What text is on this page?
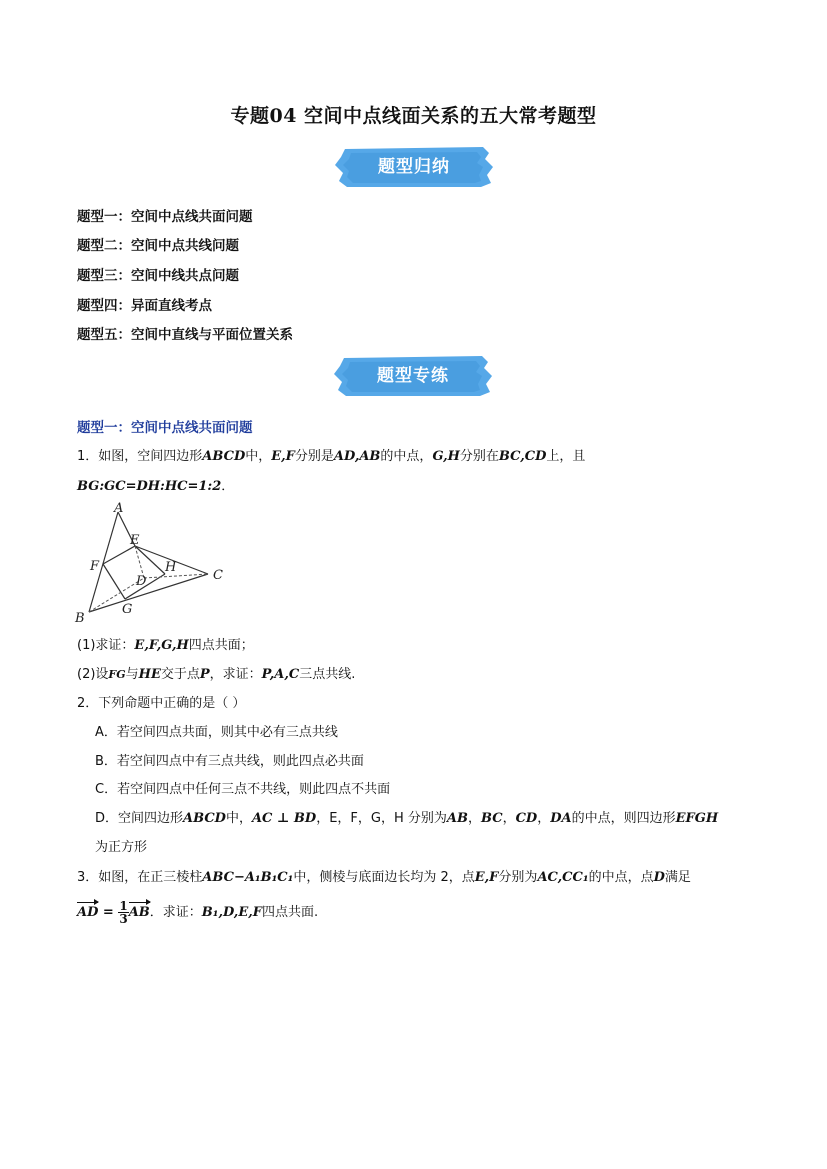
专题04 空间中点线面关系的五大常考题型
题型归纳
题型一：空间中点线共面问题
题型二：空间中点共线问题
题型三：空间中线共点问题
题型四：异面直线考点
题型五：空间中直线与平面位置关系
题型专练
题型一：空间中点线共面问题
1．如图，空间四边形ABCD中，E,F分别是AD,AB的中点，G,H分别在BC,CD上，且
BG:GC=DH:HC=1:2．
A
B
C
D
E
F
G
H
(1)求证：E,F,G,H四点共面；
(2)设FG与HE交于点P，求证：P,A,C三点共线.
2．下列命题中正确的是（ ）
A．若空间四点共面，则其中必有三点共线
B．若空间四点中有三点共线，则此四点必共面
C．若空间四点中任何三点不共线，则此四点不共面
D．空间四边形ABCD中，AC ⊥ BD，E，F，G，H 分别为AB，BC，CD，DA的中点，则四边形EFGH
为正方形
3．如图，在正三棱柱ABC−A₁B₁C₁中，侧棱与底面边长均为 2，点E,F分别为AC,CC₁的中点，点D满足
AD = $\frac{1}{3}$ AB．求证：B₁,D,E,F四点共面.
